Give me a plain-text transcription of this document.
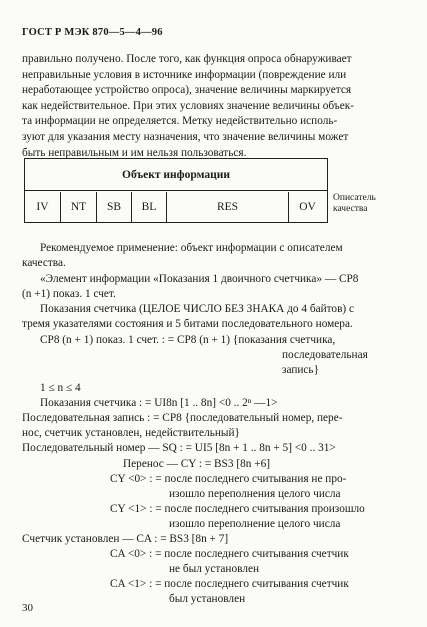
ГОСТ Р МЭК 870—5—4—96
правильно получено. После того, как функция опроса обнаруживает
неправильные условия в источнике информации (повреждение или
неработающее устройство опроса), значение величины маркируется
как недействительное. При этих условиях значение величины объек-
та информации не определяется. Метку недействительно исполь-
зуют для указания месту назначения, что значение величины может
быть неправильным и им нельзя пользоваться.
Объект информации
IV	NT	SB	BL	RES	OV
Описатель
качества
Рекомендуемое применение: объект информации с описателем
качества.
«Элемент информации «Показания 1 двоичного счетчика» — CP8
(n +1) показ. 1 счет.
Показания счетчика (ЦЕЛОЕ ЧИСЛО БЕЗ ЗНАКА до 4 байтов) с
тремя указателями состояния и 5 битами последовательного номера.
CP8 (n + 1) показ. 1 счет. : = CP8 (n + 1) {показания счетчика,
последовательная
запись}
1 ≤ n ≤ 4
Показания счетчика : = UI8n [1 .. 8n] <0 .. 2ⁿ —1>
Последовательная запись : = CP8 {последовательный номер, пере-
нос, счетчик установлен, недействительный}
Последовательный номер — SQ : = UI5 [8n + 1 .. 8n + 5] <0 .. 31>
Перенос — CY : = BS3 [8n +6]
CY <0> : = после последнего считывания не про-
изошло переполнения целого числа
CY <1> : = после последнего считывания произошло
изошло переполнение целого числа
Счетчик установлен — CA : = BS3 [8n + 7]
CA <0> : = после последнего считывания счетчик
не был установлен
CA <1> : = после последнего считывания счетчик
был установлен
30
